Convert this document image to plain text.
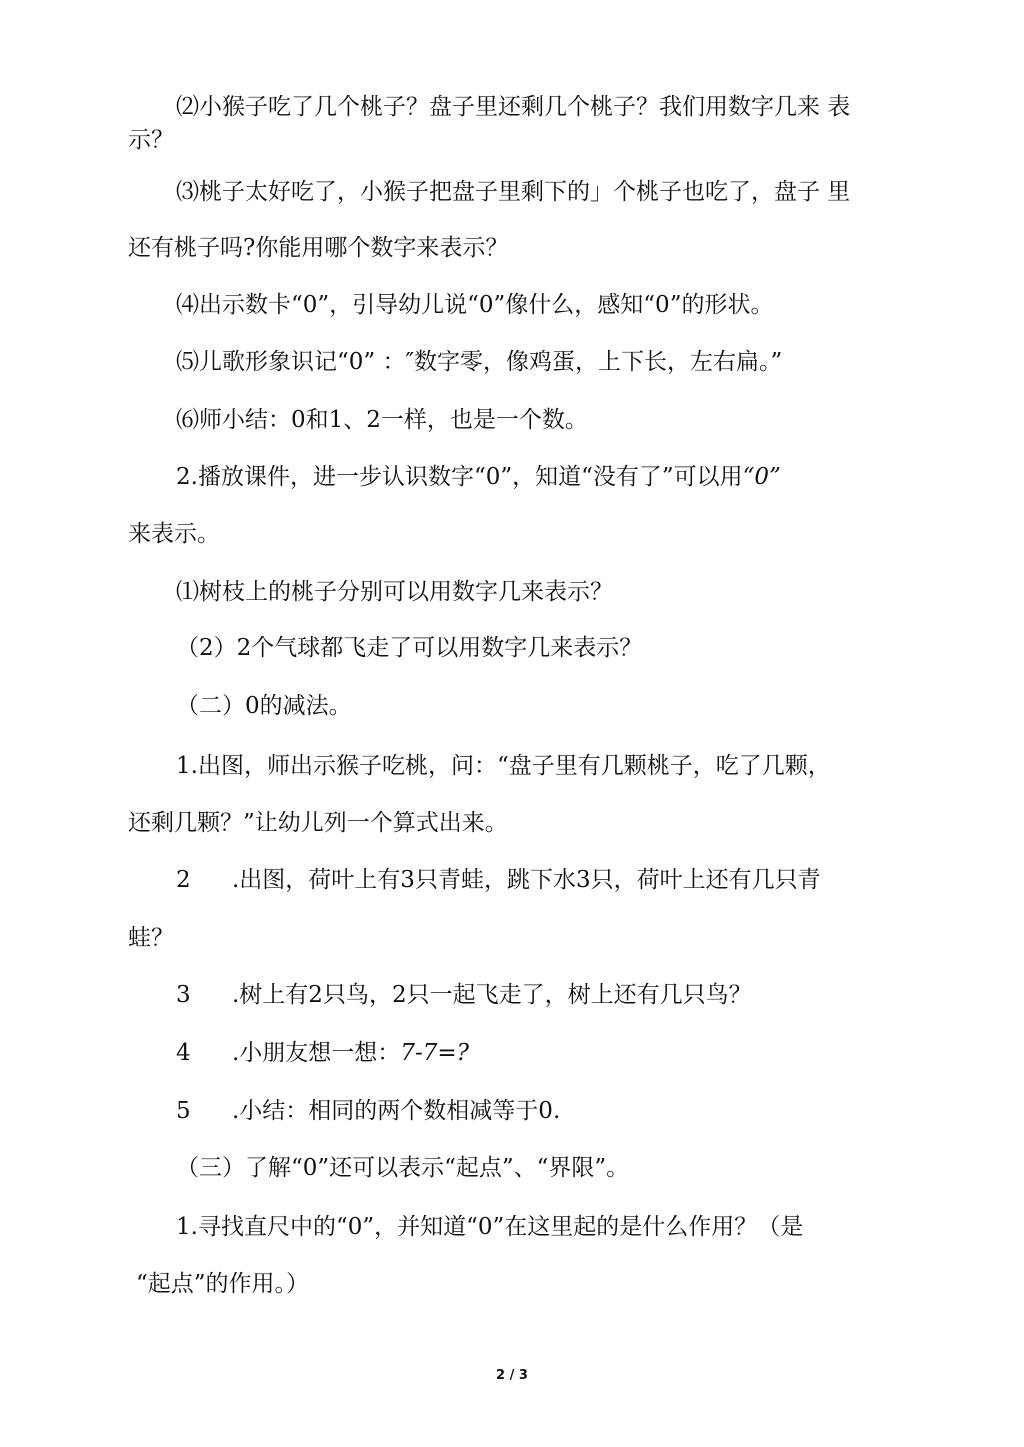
⑵小猴子吃了几个桃子？盘子里还剩几个桃子？我们用数字几来 表
示？
⑶桃子太好吃了，小猴子把盘子里剩下的」个桃子也吃了，盘子 里
还有桃子吗?你能用哪个数字来表示？
⑷出示数卡“0”，引导幼儿说“0”像什么，感知“0”的形状。
⑸儿歌形象识记“0” ：″数字零，像鸡蛋，上下长，左右扁。”
⑹师小结：0和1、2一样，也是一个数。
2.播放课件，进一步认识数字“0”，知道“没有了”可以用“0”
来表示。
⑴树枝上的桃子分别可以用数字几来表示？
（2）2个气球都飞走了可以用数字几来表示？
（二）0的减法。
1.出图，师出示猴子吃桃，问：“盘子里有几颗桃子，吃了几颗，
还剩几颗？”让幼儿列一个算式出来。
2 .出图，荷叶上有3只青蛙，跳下水3只，荷叶上还有几只青
蛙？
3 .树上有2只鸟，2只一起飞走了，树上还有几只鸟？
4 .小朋友想一想：7-7=?
5 .小结：相同的两个数相减等于0.
（三）了解“0”还可以表示“起点”、“界限”。
1.寻找直尺中的“0”，并知道“0”在这里起的是什么作用？（是
“起点”的作用。）
2 / 3
